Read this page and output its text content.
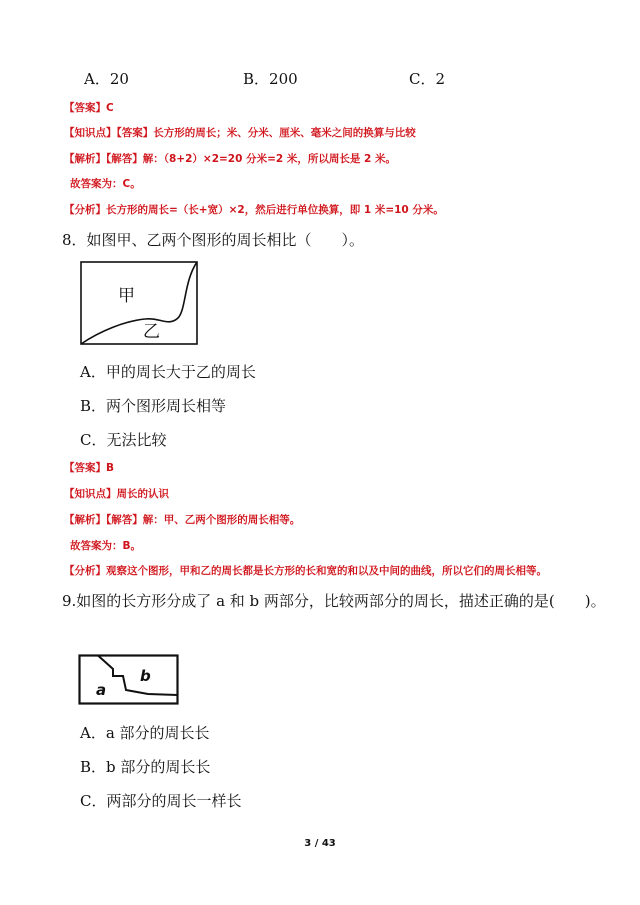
A．20	B．200	C．2
【答案】C
【知识点】【答案】长方形的周长；米、分米、厘米、毫米之间的换算与比较
【解析】【解答】解：（8+2）×2=20 分米=2 米，所以周长是 2 米。
故答案为：C。
【分析】长方形的周长=（长+宽）×2，然后进行单位换算，即 1 米=10 分米。
8．如图甲、乙两个图形的周长相比（　　）。
甲
乙
A．甲的周长大于乙的周长
B．两个图形周长相等
C．无法比较
【答案】B
【知识点】周长的认识
【解析】【解答】解：甲、乙两个图形的周长相等。
故答案为：B。
【分析】观察这个图形，甲和乙的周长都是长方形的长和宽的和以及中间的曲线，所以它们的周长相等。
9.如图的长方形分成了 a 和 b 两部分，比较两部分的周长，描述正确的是(　　)。
a
b
A．a 部分的周长长
B．b 部分的周长长
C．两部分的周长一样长
3 / 43
